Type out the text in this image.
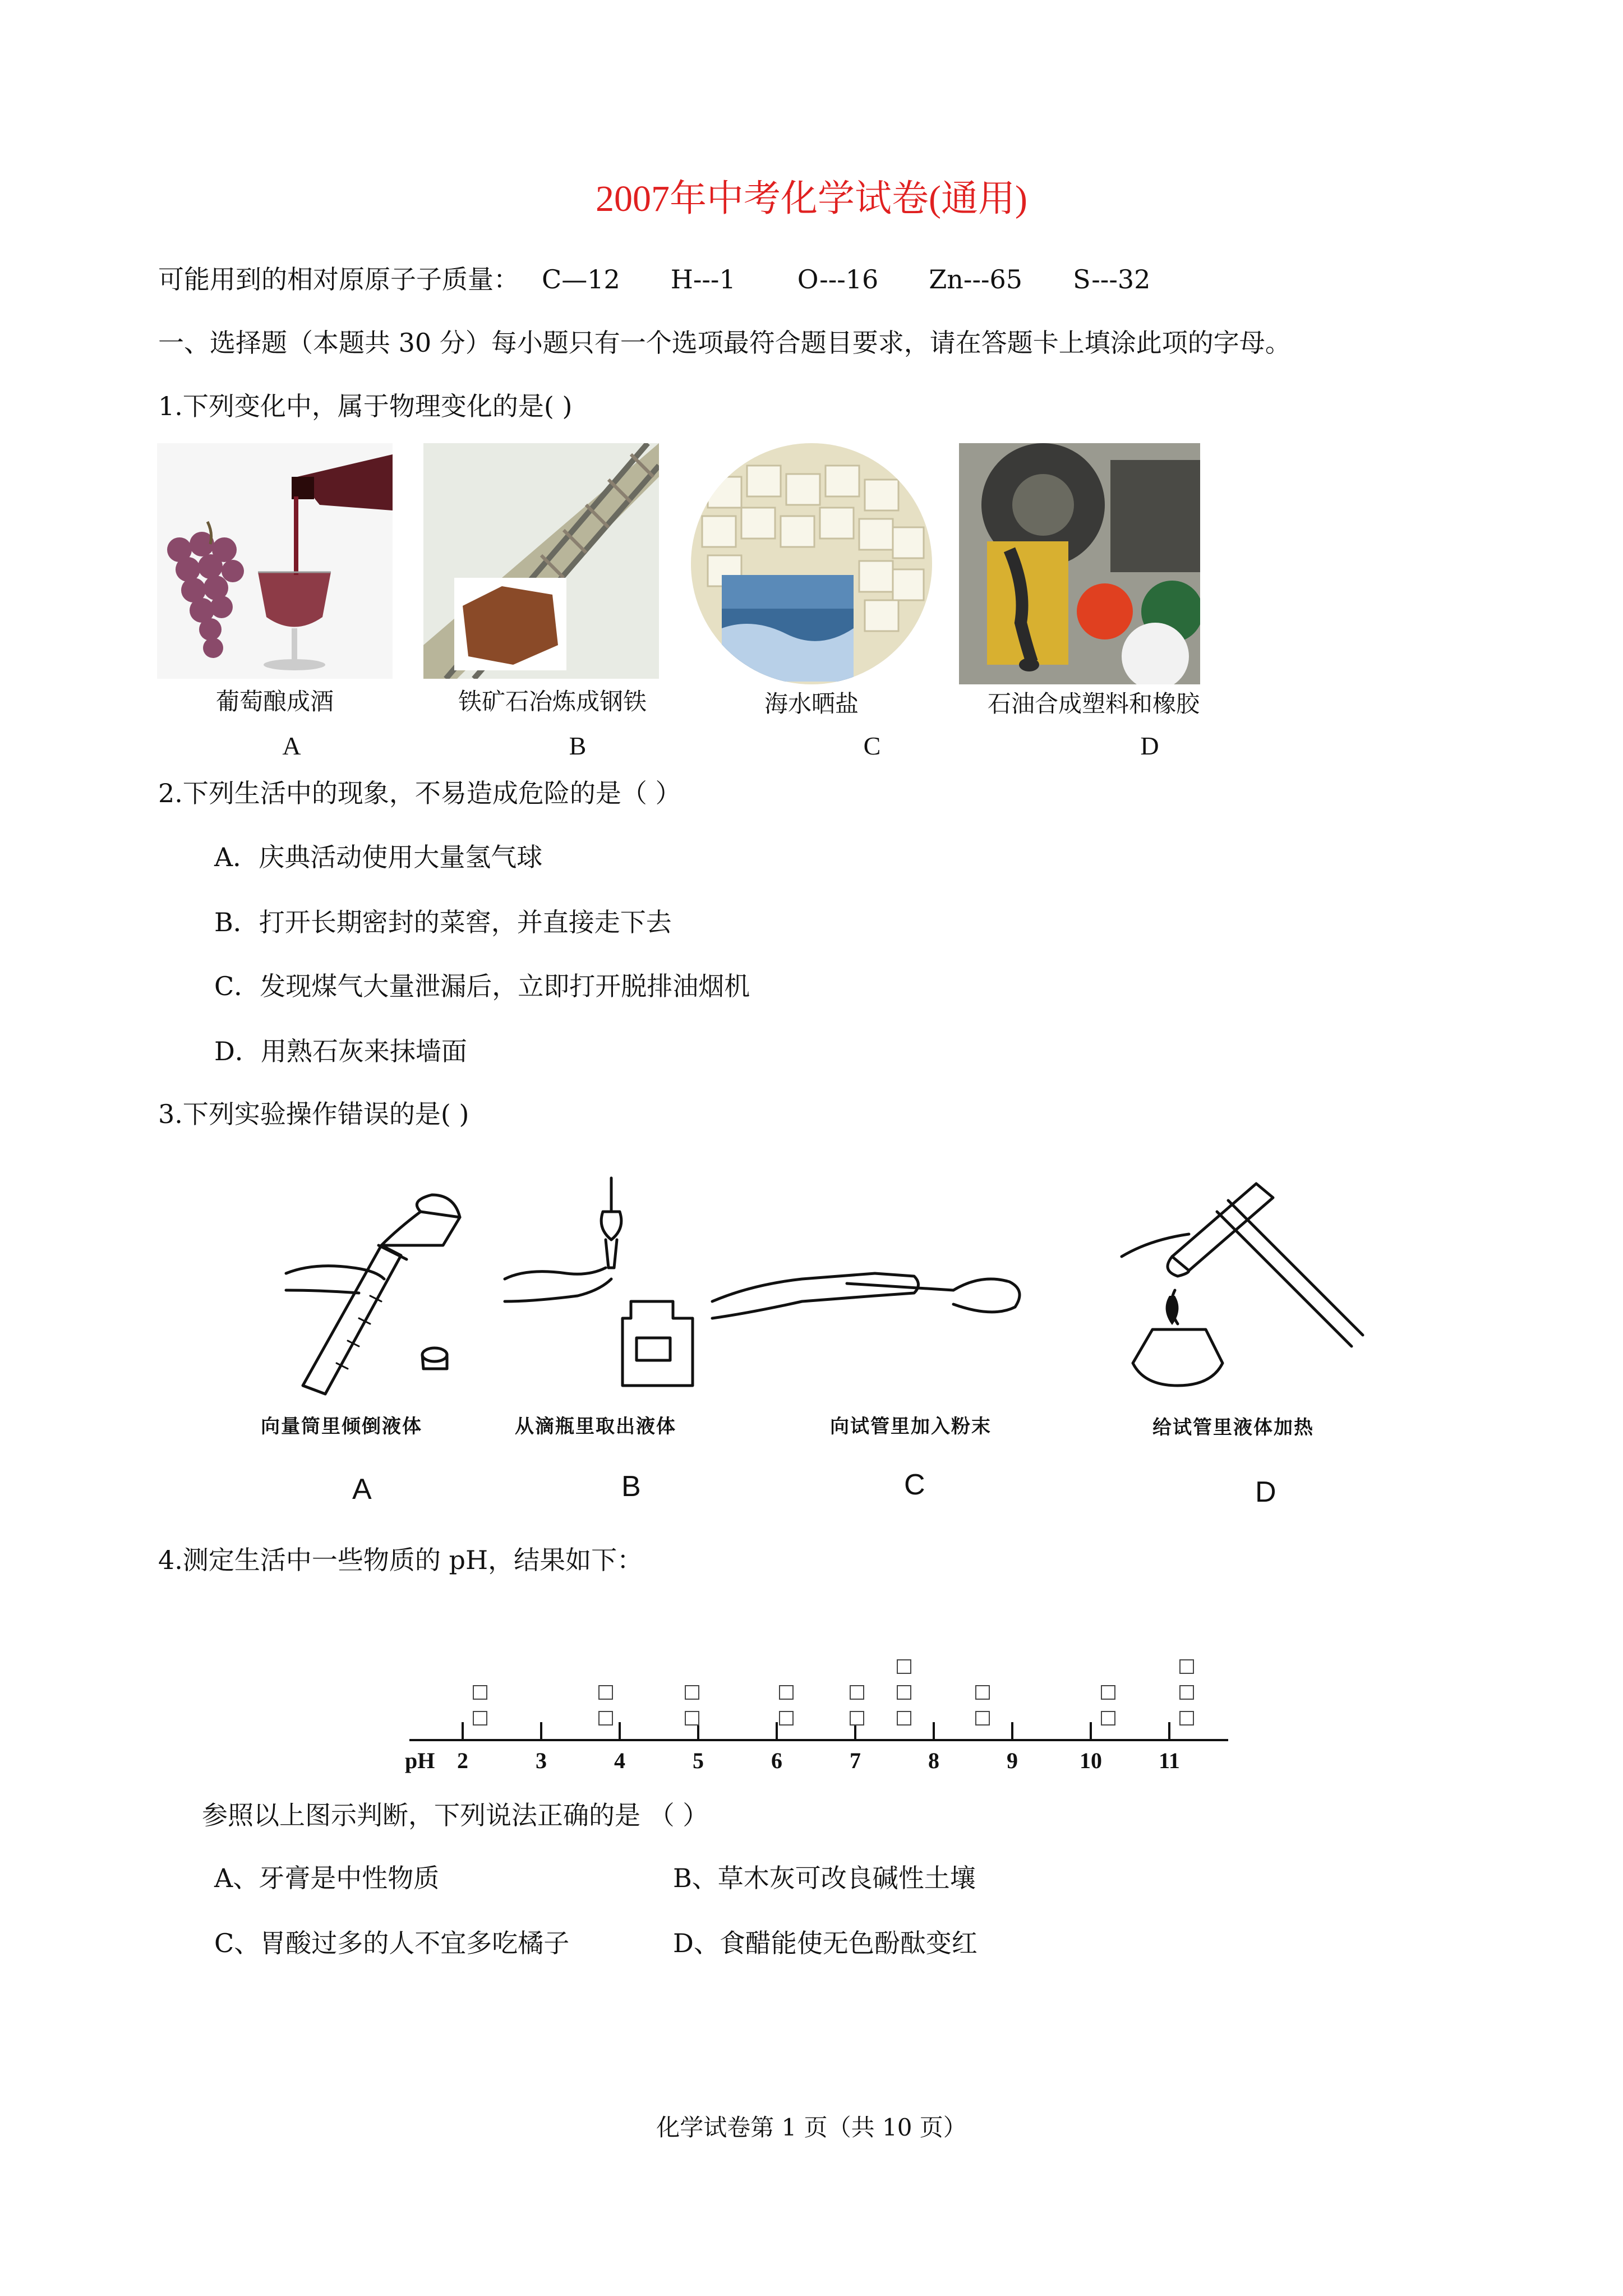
2007年中考化学试卷(通用)
可能用到的相对原原子子质量： C—12 H---1 O---16 Zn---65 S---32
一、选择题（本题共 30 分）每小题只有一个选项最符合题目要求，请在答题卡上填涂此项的字母。
1.下列变化中，属于物理变化的是( )
葡萄酿成酒	铁矿石冶炼成钢铁	海水晒盐	石油合成塑料和橡胶
A	B	C	D
2.下列生活中的现象，不易造成危险的是（ ）
A．庆典活动使用大量氢气球
B．打开长期密封的菜窖，并直接走下去
C．发现煤气大量泄漏后，立即打开脱排油烟机
D．用熟石灰来抹墙面
3.下列实验操作错误的是( )
向量筒里倾倒液体	从滴瓶里取出液体	向试管里加入粉末	给试管里液体加热
A	B	C	D
4.测定生活中一些物质的 pH，结果如下：
pH 2	3	4	5	6	7	8	9	10	11
参照以上图示判断，下列说法正确的是 （ ）
A、牙膏是中性物质	B、草木灰可改良碱性土壤
C、胃酸过多的人不宜多吃橘子	D、食醋能使无色酚酞变红
化学试卷第 1 页（共 10 页）
